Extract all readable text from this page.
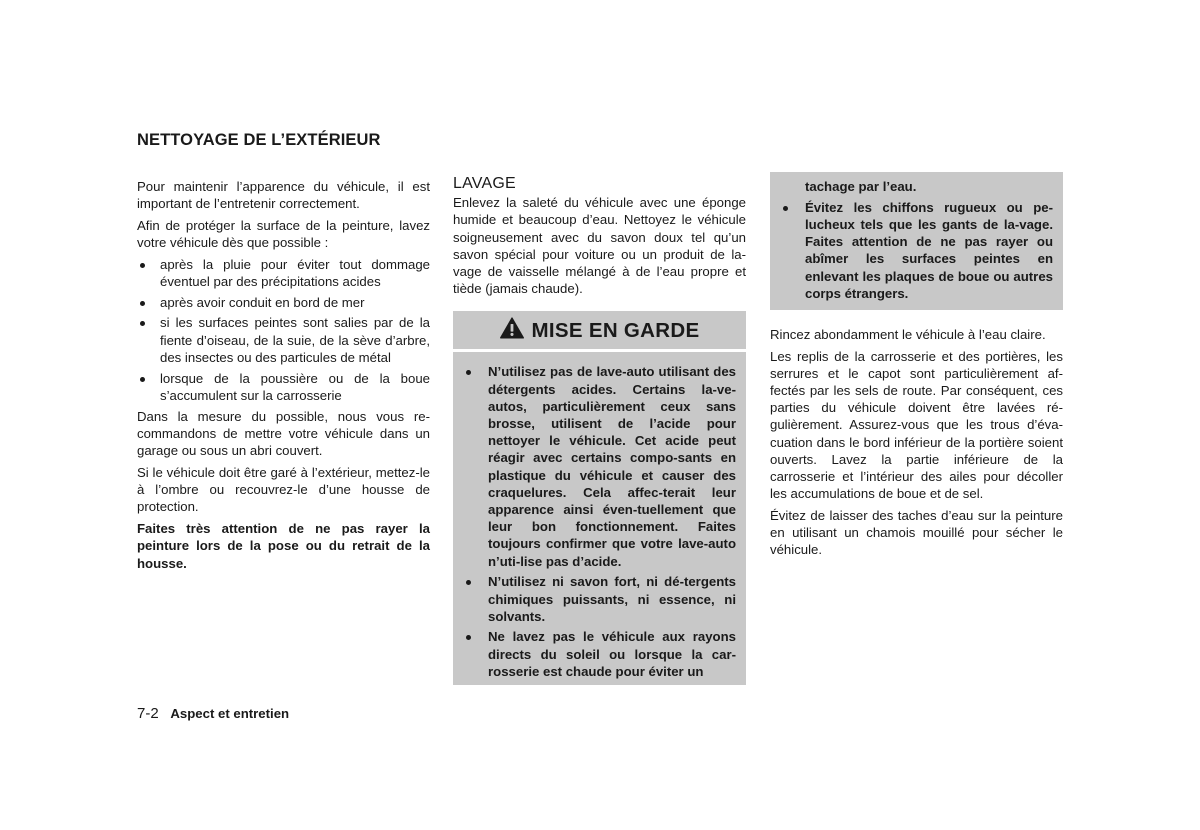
NETTOYAGE DE L’EXTÉRIEUR

Pour maintenir l’apparence du véhicule, il est important de l’entretenir correctement.

Afin de protéger la surface de la peinture, lavez votre véhicule dès que possible :

après la pluie pour éviter tout dommage éventuel par des précipitations acides
après avoir conduit en bord de mer
si les surfaces peintes sont salies par de la fiente d’oiseau, de la suie, de la sève d’arbre, des insectes ou des particules de métal
lorsque de la poussière ou de la boue s’accumulent sur la carrosserie

Dans la mesure du possible, nous vous re-commandons de mettre votre véhicule dans un garage ou sous un abri couvert.

Si le véhicule doit être garé à l’extérieur, mettez-le à l’ombre ou recouvrez-le d’une housse de protection.

Faites très attention de ne pas rayer la peinture lors de la pose ou du retrait de la housse.

LAVAGE

Enlevez la saleté du véhicule avec une éponge humide et beaucoup d’eau. Nettoyez le véhicule soigneusement avec du savon doux tel qu’un savon spécial pour voiture ou un produit de la-vage de vaisselle mélangé à de l’eau propre et tiède (jamais chaude).

MISE EN GARDE
N’utilisez pas de lave-auto utilisant des détergents acides. Certains la-ve-autos, particulièrement ceux sans brosse, utilisent de l’acide pour nettoyer le véhicule. Cet acide peut réagir avec certains compo-sants en plastique du véhicule et causer des craquelures. Cela affec-terait leur apparence ainsi éven-tuellement que leur bon fonctionnement. Faites toujours confirmer que votre lave-auto n’uti-lise pas d’acide.
N’utilisez ni savon fort, ni dé-tergents chimiques puissants, ni essence, ni solvants.
Ne lavez pas le véhicule aux rayons directs du soleil ou lorsque la car-rosserie est chaude pour éviter un
tachage par l’eau.
Évitez les chiffons rugueux ou pe-lucheux tels que les gants de la-vage. Faites attention de ne pas rayer ou abîmer les surfaces peintes en enlevant les plaques de boue ou autres corps étrangers.

Rincez abondamment le véhicule à l’eau claire.

Les replis de la carrosserie et des portières, les serrures et le capot sont particulièrement af-fectés par les sels de route. Par conséquent, ces parties du véhicule doivent être lavées ré-gulièrement. Assurez-vous que les trous d’éva-cuation dans le bord inférieur de la portière soient ouverts. Lavez la partie inférieure de la carrosserie et l’intérieur des ailes pour décoller les accumulations de boue et de sel.

Évitez de laisser des taches d’eau sur la peinture en utilisant un chamois mouillé pour sécher le véhicule.

7-2 Aspect et entretien
